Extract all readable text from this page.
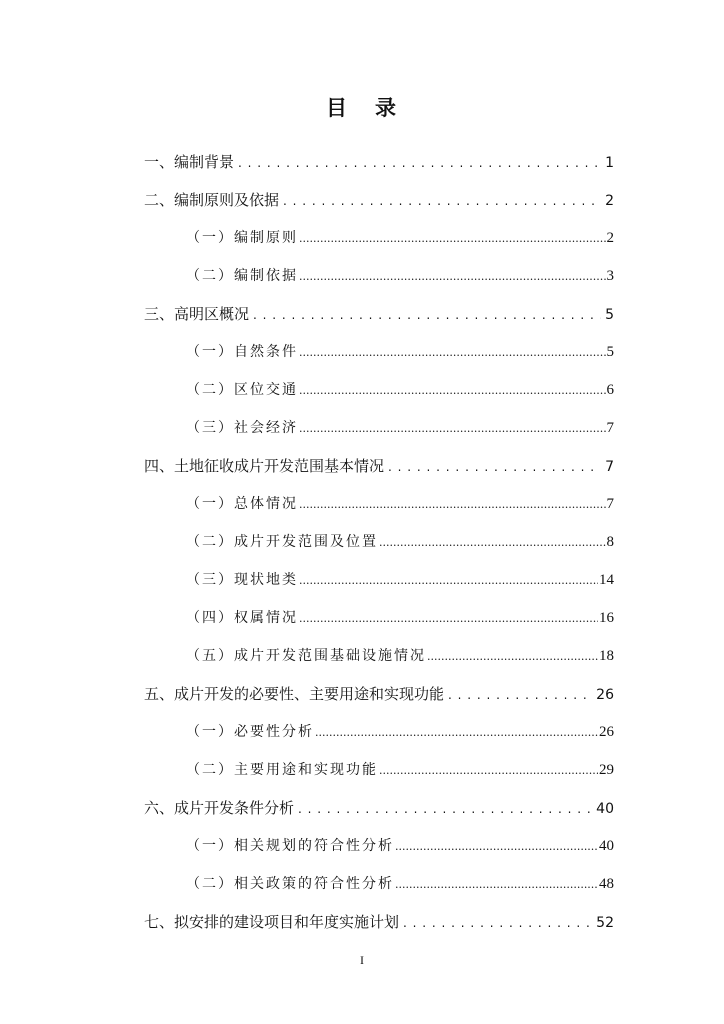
目 录
一、 编制背景 . . .	1
二、 编制原则及依据 . . .	2
（一）编制原则 .....	2
（二）编制依据 .....	3
三、 高明区概况 . . .	5
（一）自然条件 .....	5
（二）区位交通 .....	6
（三）社会经济 .....	7
四、 土地征收成片开发范围基本情况 . . .	7
（一）总体情况 .....	7
（二）成片开发范围及位置 .....	8
（三）现状地类 .....	14
（四）权属情况 .....	16
（五）成片开发范围基础设施情况 .....	18
五、 成片开发的必要性、主要用途和实现功能 . . .	26
（一）必要性分析 .....	26
（二）主要用途和实现功能 .....	29
六、 成片开发条件分析 . . .	40
（一）相关规划的符合性分析 .....	40
（二）相关政策的符合性分析 .....	48
七、 拟安排的建设项目和年度实施计划 . . .	52
I
